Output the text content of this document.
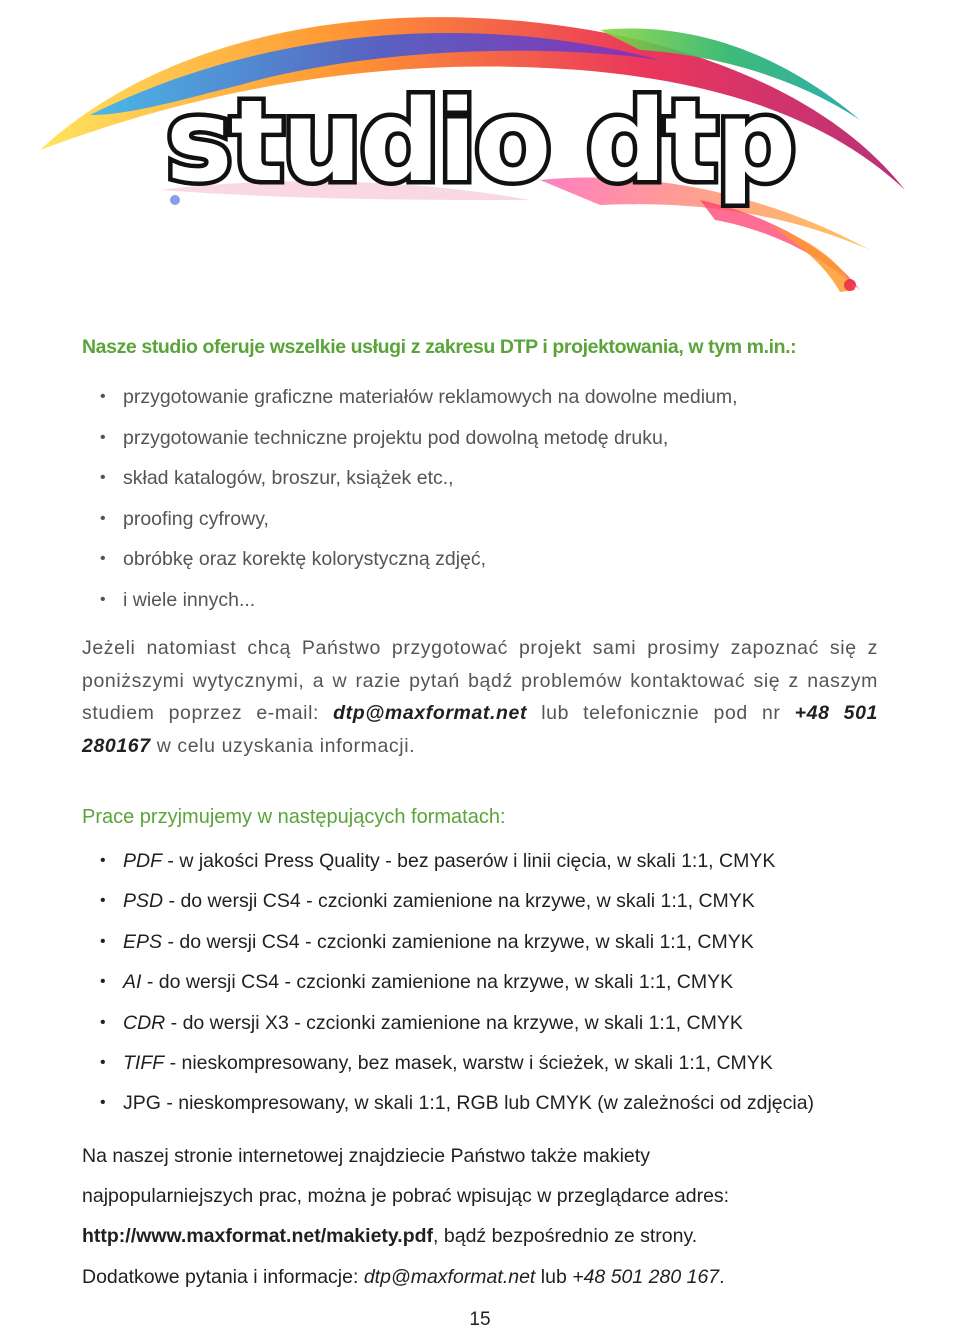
studio dtp

Nasze studio oferuje wszelkie usługi z zakresu DTP i projektowania, w tym m.in.:

• przygotowanie graficzne materiałów reklamowych na dowolne medium,
• przygotowanie techniczne projektu pod dowolną metodę druku,
• skład katalogów, broszur, książek etc.,
• proofing cyfrowy,
• obróbkę oraz korektę kolorystyczną zdjęć,
• i wiele innych...

Jeżeli natomiast chcą Państwo przygotować projekt sami prosimy zapoznać się z poniższymi wytycznymi, a w razie pytań bądź problemów kontaktować się z naszym studiem poprzez e-mail: dtp@maxformat.net lub telefonicznie pod nr +48 501 280167 w celu uzyskania informacji.

Prace przyjmujemy w następujących formatach:

• PDF - w jakości Press Quality - bez paserów i linii cięcia, w skali 1:1, CMYK
• PSD - do wersji CS4 - czcionki zamienione na krzywe, w skali 1:1, CMYK
• EPS - do wersji CS4 - czcionki zamienione na krzywe, w skali 1:1, CMYK
• AI - do wersji CS4 - czcionki zamienione na krzywe, w skali 1:1, CMYK
• CDR - do wersji X3 - czcionki zamienione na krzywe, w skali 1:1, CMYK
• TIFF - nieskompresowany, bez masek, warstw i ścieżek, w skali 1:1, CMYK
• JPG - nieskompresowany, w skali 1:1, RGB lub CMYK (w zależności od zdjęcia)
Na naszej stronie internetowej znajdziecie Państwo także makiety
najpopularniejszych prac, można je pobrać wpisując w przeglądarce adres:
http://www.maxformat.net/makiety.pdf, bądź bezpośrednio ze strony.
Dodatkowe pytania i informacje: dtp@maxformat.net lub +48 501 280 167.
15
